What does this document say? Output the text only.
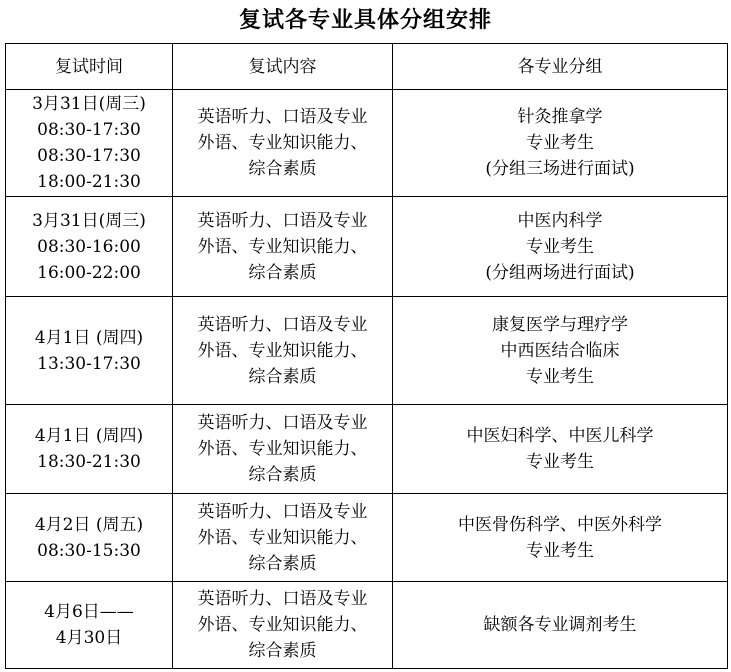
复试各专业具体分组安排
复试时间	复试内容	各专业分组

3月31日(周三)
08:30-17:30
08:30-17:30
18:00-21:30	英语听力、口语及专业
外语、专业知识能力、
综合素质	针灸推拿学
专业考生
(分组三场进行面试)

3月31日(周三)
08:30-16:00
16:00-22:00	英语听力、口语及专业
外语、专业知识能力、
综合素质	中医内科学
专业考生
(分组两场进行面试)

4月1日 (周四)
13:30-17:30	英语听力、口语及专业
外语、专业知识能力、
综合素质	康复医学与理疗学
中西医结合临床
专业考生

4月1日 (周四)
18:30-21:30	英语听力、口语及专业
外语、专业知识能力、
综合素质	中医妇科学、中医儿科学
专业考生

4月2日 (周五)
08:30-15:30	英语听力、口语及专业
外语、专业知识能力、
综合素质	中医骨伤科学、中医外科学
专业考生

4月6日——
4月30日	英语听力、口语及专业
外语、专业知识能力、
综合素质	缺额各专业调剂考生
